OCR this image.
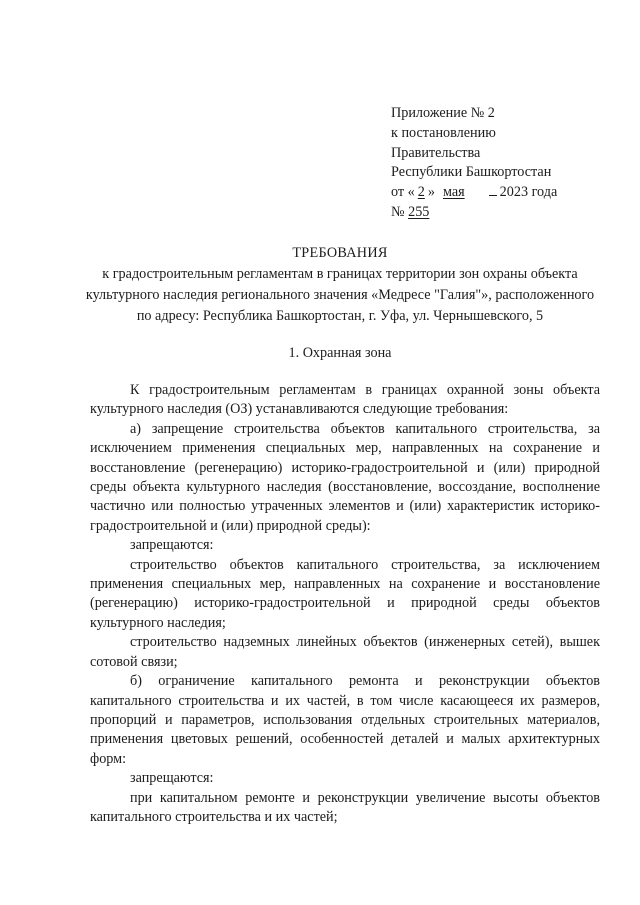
Приложение № 2
к постановлению
Правительства
Республики Башкортостан
от « 2 » мая 2023 года
№ 255
ТРЕБОВАНИЯ
к градостроительным регламентам в границах территории зон охраны объекта культурного наследия регионального значения «Медресе "Галия"», расположенного по адресу: Республика Башкортостан, г. Уфа, ул. Чернышевского, 5
1. Охранная зона

К градостроительным регламентам в границах охранной зоны объекта культурного наследия (ОЗ) устанавливаются следующие требования:

а) запрещение строительства объектов капитального строительства, за исключением применения специальных мер, направленных на сохранение и восстановление (регенерацию) историко-градостроительной и (или) природной среды объекта культурного наследия (восстановление, воссоздание, восполнение частично или полностью утраченных элементов и (или) характеристик историко-градостроительной и (или) природной среды):

запрещаются:

строительство объектов капитального строительства, за исключением применения специальных мер, направленных на сохранение и восстановление (регенерацию) историко-градостроительной и природной среды объектов культурного наследия;

строительство надземных линейных объектов (инженерных сетей), вышек сотовой связи;

б) ограничение капитального ремонта и реконструкции объектов капитального строительства и их частей, в том числе касающееся их размеров, пропорций и параметров, использования отдельных строительных материалов, применения цветовых решений, особенностей деталей и малых архитектурных форм:

запрещаются:

при капитальном ремонте и реконструкции увеличение высоты объектов капитального строительства и их частей;
